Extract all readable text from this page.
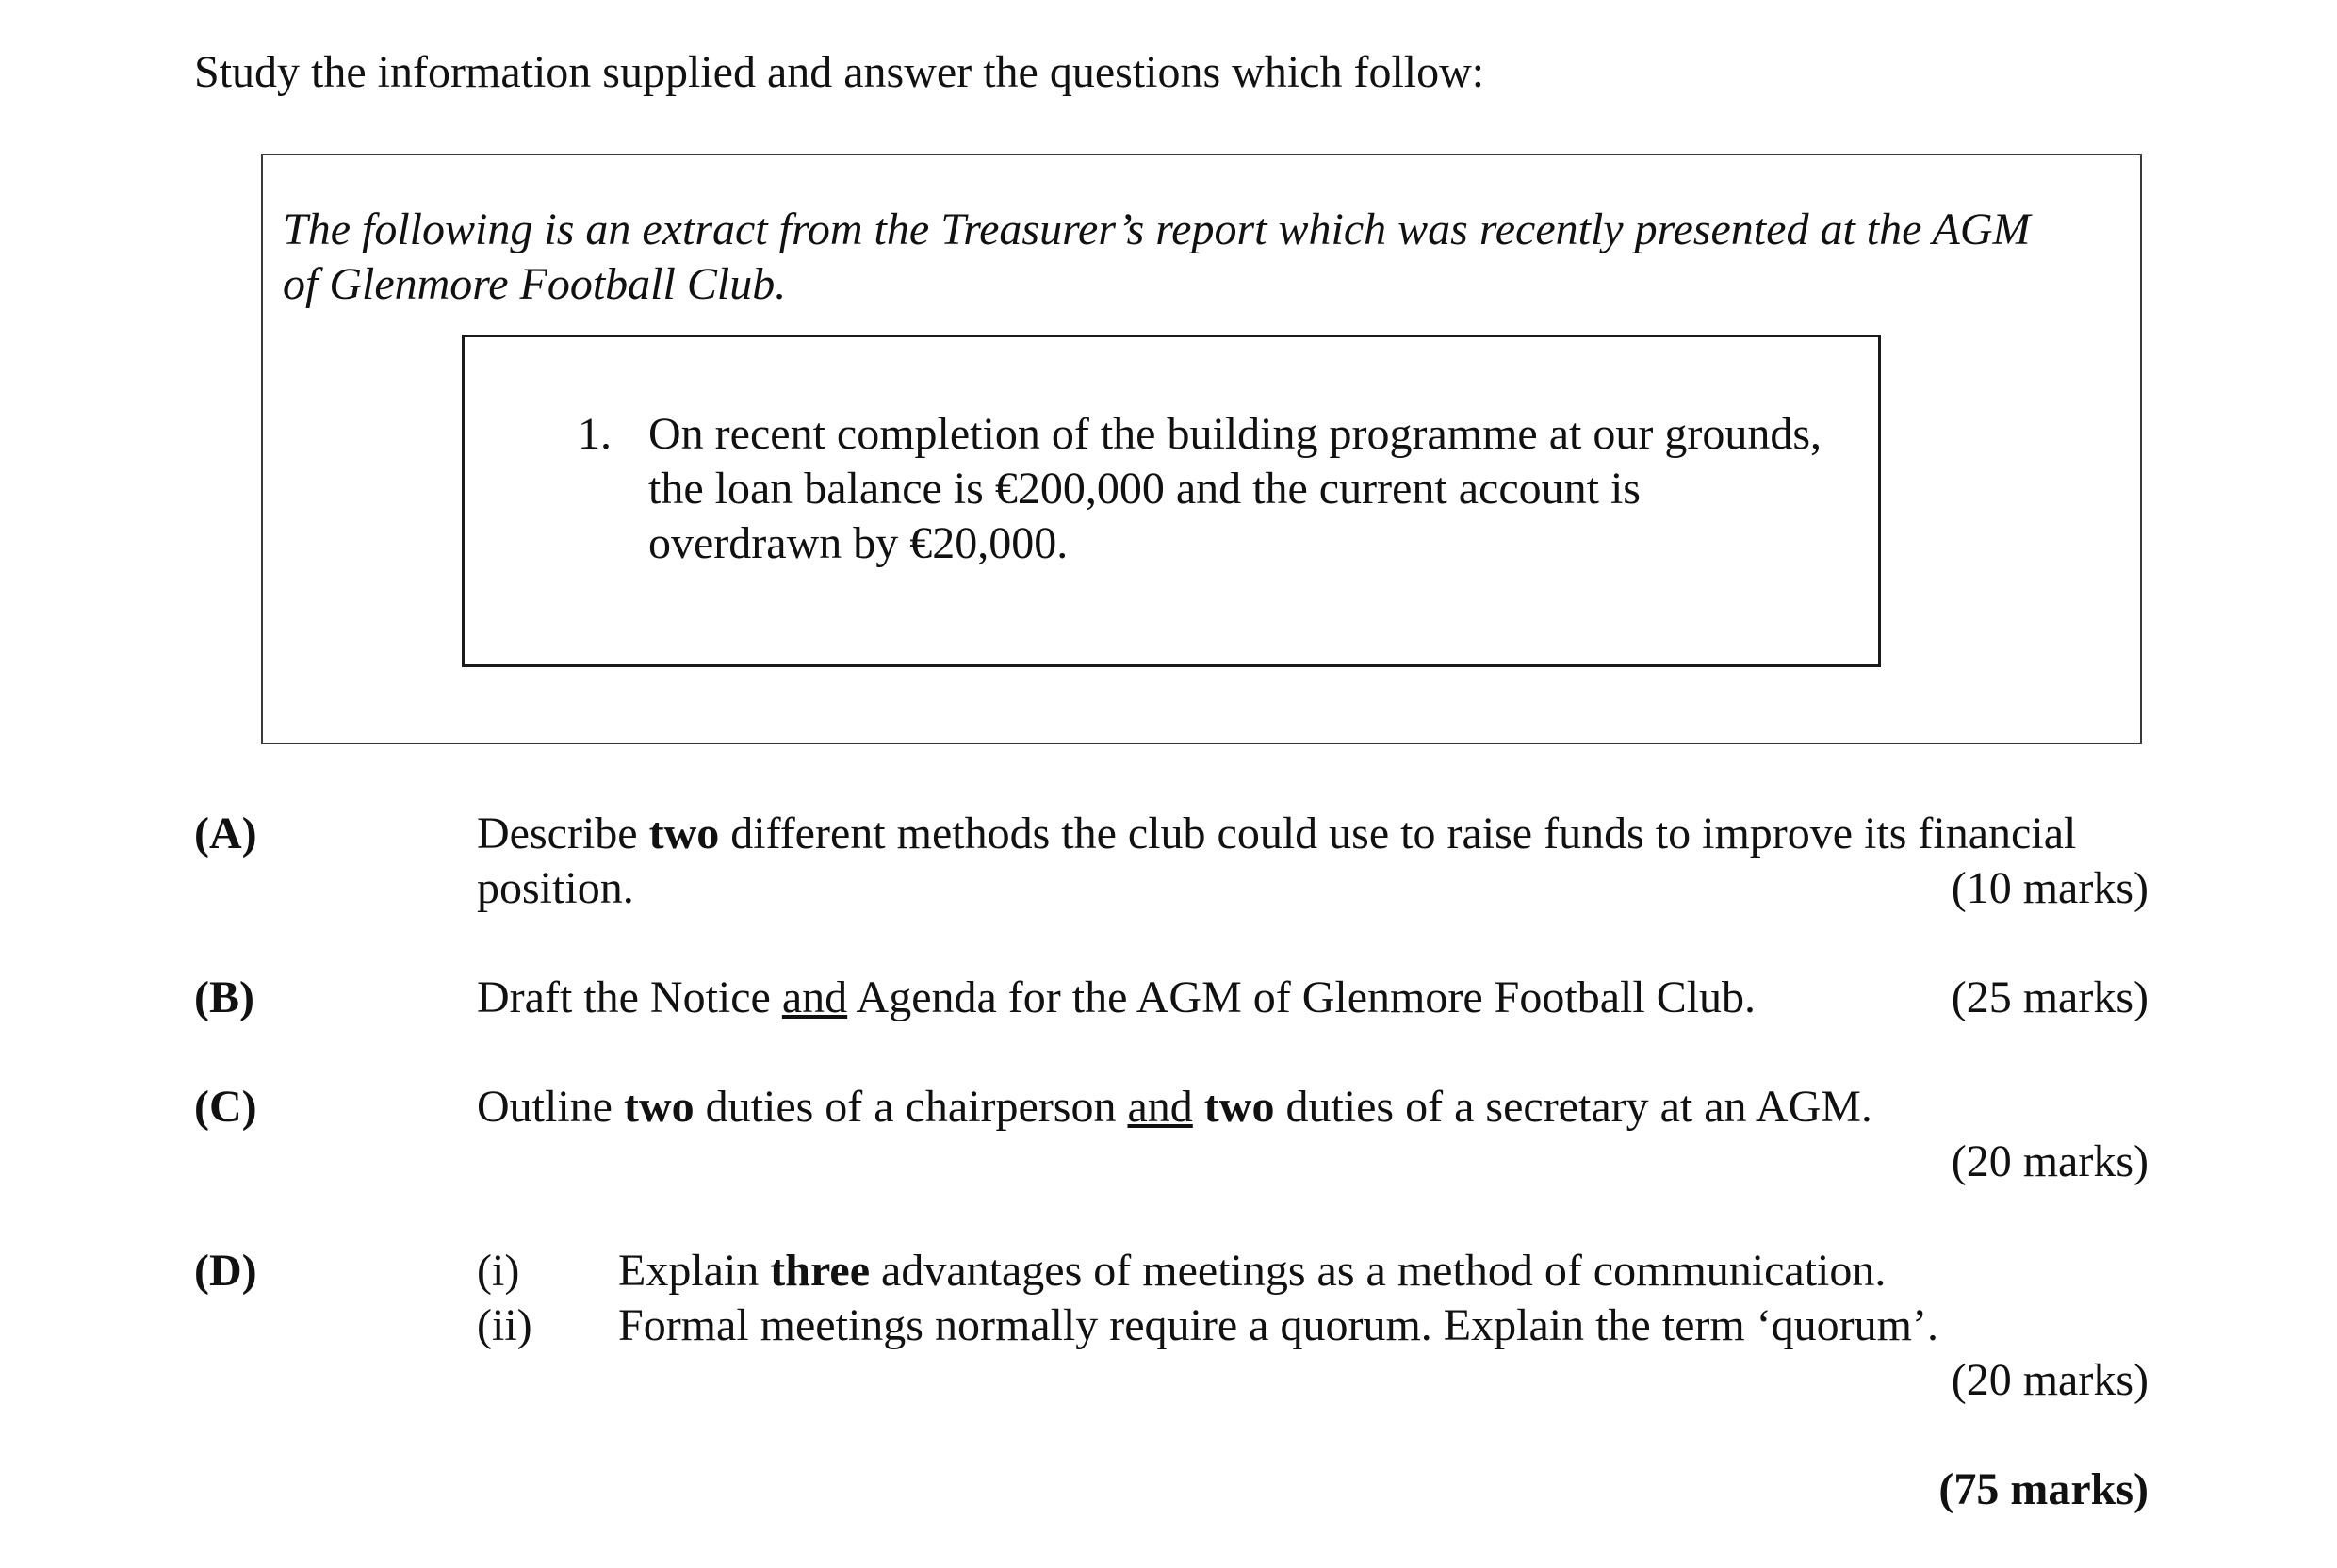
Study the information supplied and answer the questions which follow:
The following is an extract from the Treasurer’s report which was recently presented at the AGM of Glenmore Football Club.
1. On recent completion of the building programme at our grounds, the loan balance is €200,000 and the current account is overdrawn by €20,000.
(A)	Describe two different methods the club could use to raise funds to improve its financial position.	(10 marks)
(B)	Draft the Notice and Agenda for the AGM of Glenmore Football Club.	(25 marks)
(C)	Outline two duties of a chairperson and two duties of a secretary at an AGM.
(20 marks)
(D)	(i) Explain three advantages of meetings as a method of communication.
(ii) Formal meetings normally require a quorum. Explain the term ‘quorum’.
(20 marks)
(75 marks)
